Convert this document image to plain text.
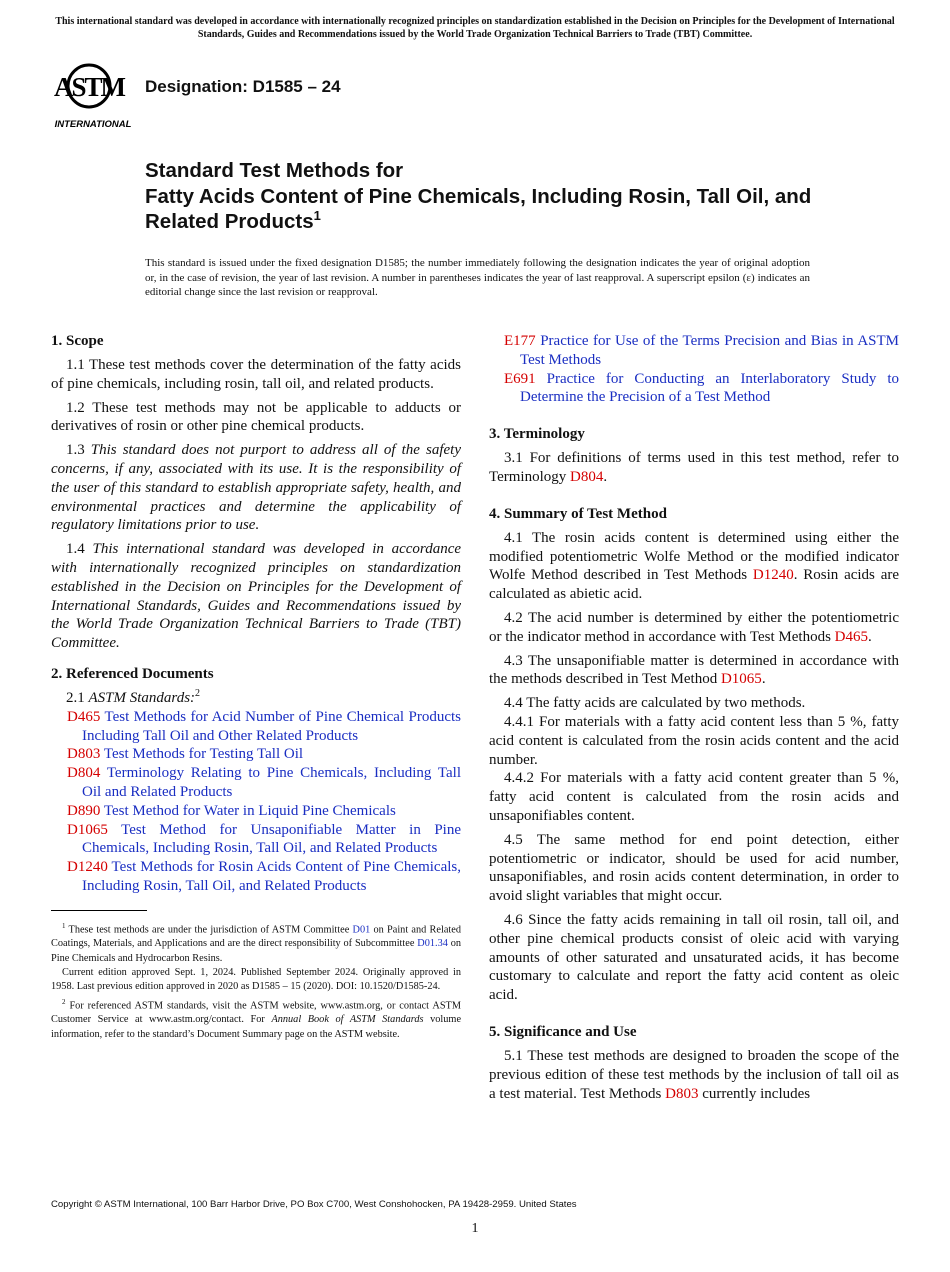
This international standard was developed in accordance with internationally recognized principles on standardization established in the Decision on Principles for the Development of International Standards, Guides and Recommendations issued by the World Trade Organization Technical Barriers to Trade (TBT) Committee.
ASTM
INTERNATIONAL
Designation: D1585 – 24
Standard Test Methods for
Fatty Acids Content of Pine Chemicals, Including Rosin, Tall Oil, and Related Products$^1$
This standard is issued under the fixed designation D1585; the number immediately following the designation indicates the year of original adoption or, in the case of revision, the year of last revision. A number in parentheses indicates the year of last reapproval. A superscript epsilon (ε) indicates an editorial change since the last revision or reapproval.
1. Scope

1.1 These test methods cover the determination of the fatty acids of pine chemicals, including rosin, tall oil, and related products.

1.2 These test methods may not be applicable to adducts or derivatives of rosin or other pine chemical products.

1.3 This standard does not purport to address all of the safety concerns, if any, associated with its use. It is the responsibility of the user of this standard to establish appropriate safety, health, and environmental practices and determine the applicability of regulatory limitations prior to use.

1.4 This international standard was developed in accordance with internationally recognized principles on standardization established in the Decision on Principles for the Development of International Standards, Guides and Recommendations issued by the World Trade Organization Technical Barriers to Trade (TBT) Committee.

2. Referenced Documents

2.1 ASTM Standards:$^2$

D465 Test Methods for Acid Number of Pine Chemical Products Including Tall Oil and Other Related Products
D803 Test Methods for Testing Tall Oil
D804 Terminology Relating to Pine Chemicals, Including Tall Oil and Related Products
D890 Test Method for Water in Liquid Pine Chemicals
D1065 Test Method for Unsaponifiable Matter in Pine Chemicals, Including Rosin, Tall Oil, and Related Products
D1240 Test Methods for Rosin Acids Content of Pine Chemicals, Including Rosin, Tall Oil, and Related Products

$^1$ These test methods are under the jurisdiction of ASTM Committee D01 on Paint and Related Coatings, Materials, and Applications and are the direct responsibility of Subcommittee D01.34 on Pine Chemicals and Hydrocarbon Resins.

Current edition approved Sept. 1, 2024. Published September 2024. Originally approved in 1958. Last previous edition approved in 2020 as D1585 – 15 (2020). DOI: 10.1520/D1585-24.

$^2$ For referenced ASTM standards, visit the ASTM website, www.astm.org, or contact ASTM Customer Service at www.astm.org/contact. For Annual Book of ASTM Standards volume information, refer to the standard’s Document Summary page on the ASTM website.

E177 Practice for Use of the Terms Precision and Bias in ASTM Test Methods
E691 Practice for Conducting an Interlaboratory Study to Determine the Precision of a Test Method
3. Terminology

3.1 For definitions of terms used in this test method, refer to Terminology D804.

4. Summary of Test Method

4.1 The rosin acids content is determined using either the modified potentiometric Wolfe Method or the modified indicator Wolfe Method described in Test Methods D1240. Rosin acids are calculated as abietic acid.

4.2 The acid number is determined by either the potentiometric or the indicator method in accordance with Test Methods D465.

4.3 The unsaponifiable matter is determined in accordance with the methods described in Test Method D1065.

4.4 The fatty acids are calculated by two methods.

4.4.1 For materials with a fatty acid content less than 5 %, fatty acid content is calculated from the rosin acids content and the acid number.

4.4.2 For materials with a fatty acid content greater than 5 %, fatty acid content is calculated from the rosin acids and unsaponifiables content.

4.5 The same method for end point detection, either potentiometric or indicator, should be used for acid number, unsaponifiables, and rosin acids content determination, in order to avoid slight variables that might occur.

4.6 Since the fatty acids remaining in tall oil rosin, tall oil, and other pine chemical products consist of oleic acid with varying amounts of other saturated and unsaturated acids, it has become customary to calculate and report the fatty acid content as oleic acid.

5. Significance and Use

5.1 These test methods are designed to broaden the scope of the previous edition of these test methods by the inclusion of tall oil as a test material. Test Methods D803 currently includes

Copyright © ASTM International, 100 Barr Harbor Drive, PO Box C700, West Conshohocken, PA 19428-2959. United States
1
